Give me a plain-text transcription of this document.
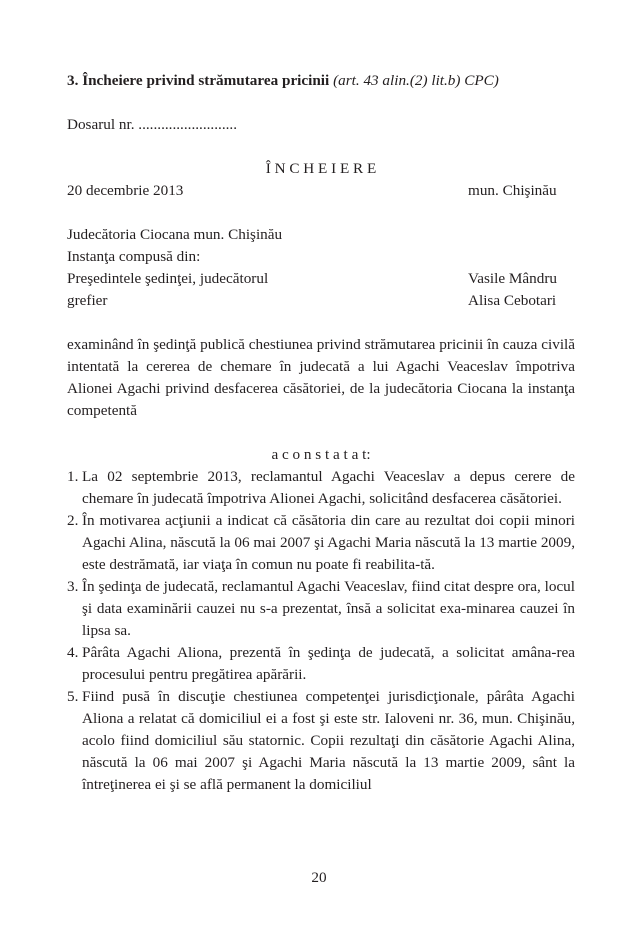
3. Încheiere privind strămutarea pricinii (art. 43 alin.(2) lit.b) CPC)

Dosarul nr. ..........................
Î N C H E I E R E
20 decembrie 2013	mun. Chişinău
Judecătoria Ciocana mun. Chişinău
Instanţa compusă din:
Preşedintele şedinţei, judecătorul	Vasile Mândru
grefier	Alisa Cebotari

examinând în şedinţă publică chestiunea privind strămutarea pricinii în cauza civilă intentată la cererea de chemare în judecată a lui Agachi Veaceslav împotriva Alionei Agachi privind desfacerea căsătoriei, de la judecătoria Ciocana la instanţa competentă

a c o n s t a t a t:
1. La 02 septembrie 2013, reclamantul Agachi Veaceslav a depus cerere de chemare în judecată împotriva Alionei Agachi, solicitând desfacerea căsătoriei.
2. În motivarea acţiunii a indicat că căsătoria din care au rezultat doi copii minori Agachi Alina, născută la 06 mai 2007 şi Agachi Maria născută la 13 martie 2009, este destrămată, iar viaţa în comun nu poate fi reabilita-tă.
3. În şedinţa de judecată, reclamantul Agachi Veaceslav, fiind citat despre ora, locul şi data examinării cauzei nu s-a prezentat, însă a solicitat exa-minarea cauzei în lipsa sa.
4. Pârâta Agachi Aliona, prezentă în şedinţa de judecată, a solicitat amâna-rea procesului pentru pregătirea apărării.
5. Fiind pusă în discuţie chestiunea competenţei jurisdicţionale, pârâta Agachi Aliona a relatat că domiciliul ei a fost şi este str. Ialoveni nr. 36, mun. Chişinău, acolo fiind domiciliul său statornic. Copii rezultaţi din căsătorie Agachi Alina, născută la 06 mai 2007 şi Agachi Maria născută la 13 martie 2009, sânt la întreţinerea ei şi se află permanent la domiciliul
20
